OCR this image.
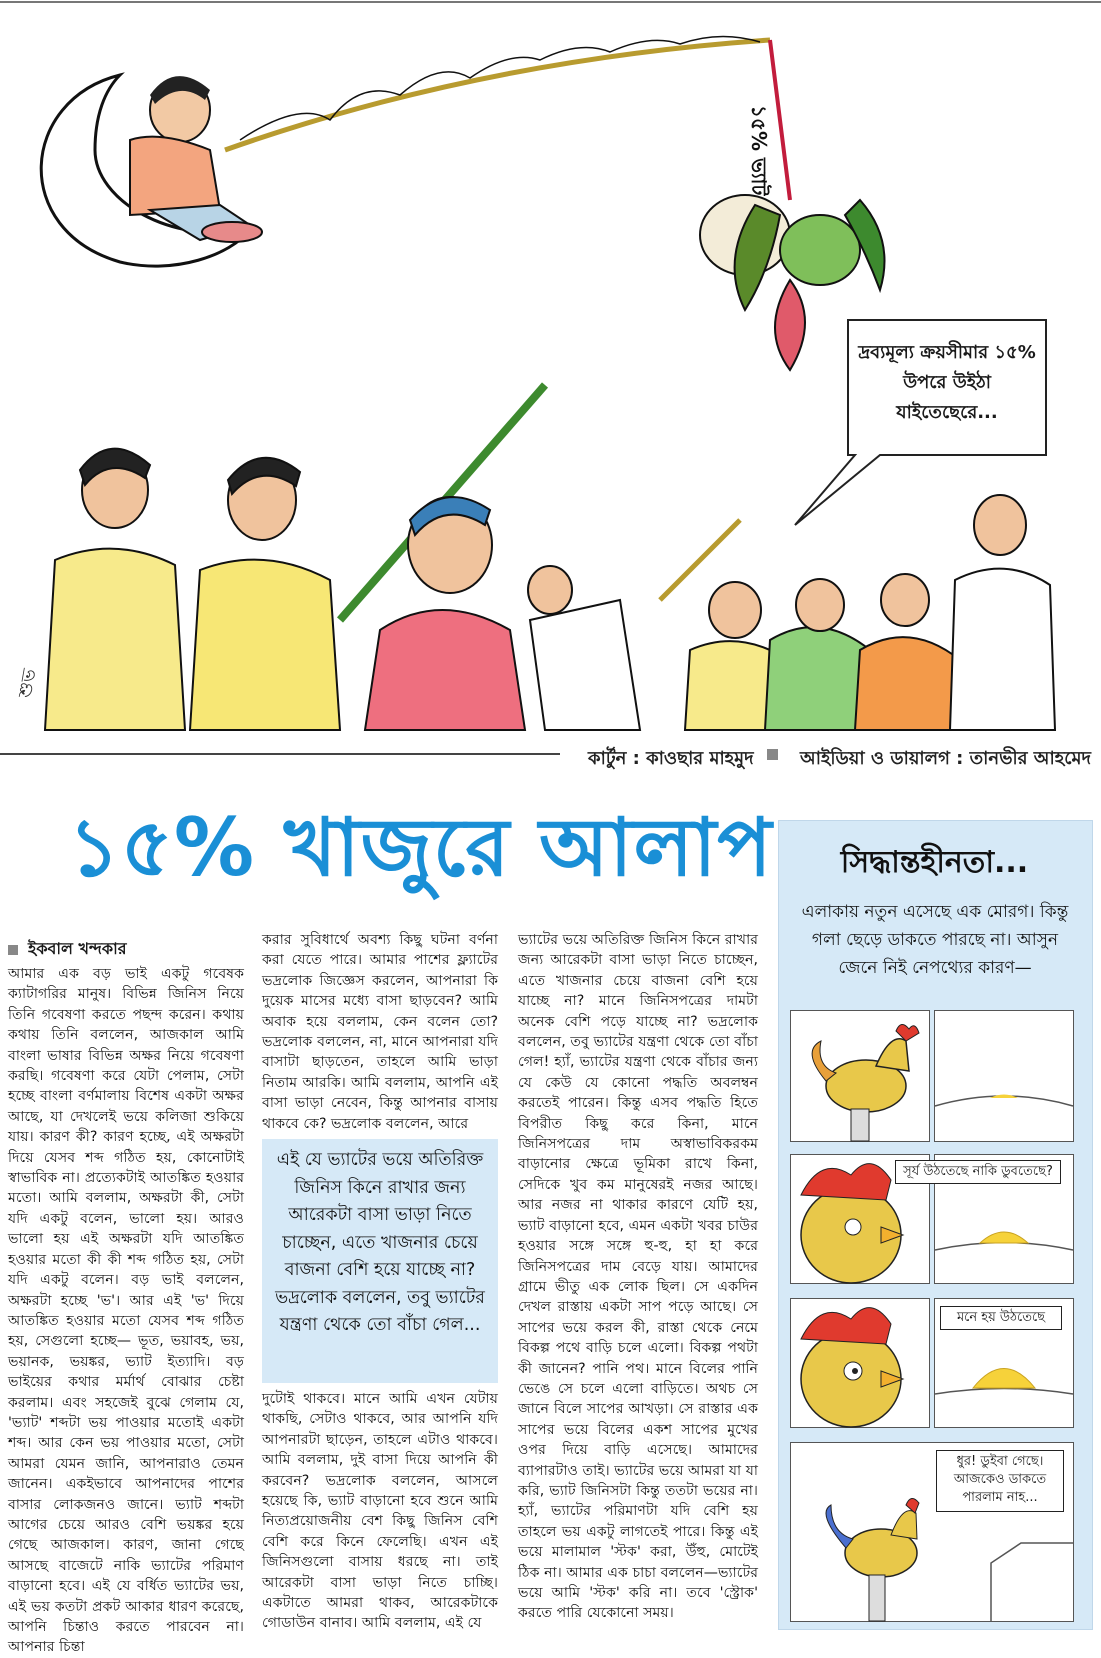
১৫% ভ্যাট
দ্রব্যমূল্য ক্রয়সীমার ১৫% উপরে উইঠা যাইতেছেরে...
শুভ
কার্টুন : কাওছার মাহমুদ	আইডিয়া ও ডায়ালগ : তানভীর আহমেদ
১৫% খাজুরে আলাপ
ইকবাল খন্দকার

আমার এক বড় ভাই একটু গবেষক ক্যাটাগরির মানুষ। বিভিন্ন জিনিস নিয়ে তিনি গবেষণা করতে পছন্দ করেন। কথায় কথায় তিনি বললেন, আজকাল আমি বাংলা ভাষার বিভিন্ন অক্ষর নিয়ে গবেষণা করছি। গবেষণা করে যেটা পেলাম, সেটা হচ্ছে বাংলা বর্ণমালায় বিশেষ একটা অক্ষর আছে, যা দেখলেই ভয়ে কলিজা শুকিয়ে যায়। কারণ কী? কারণ হচ্ছে, এই অক্ষরটা দিয়ে যেসব শব্দ গঠিত হয়, কোনোটাই স্বাভাবিক না। প্রত্যেকটাই আতঙ্কিত হওয়ার মতো। আমি বললাম, অক্ষরটা কী, সেটা যদি একটু বলেন, ভালো হয়। আরও ভালো হয় এই অক্ষরটা যদি আতঙ্কিত হওয়ার মতো কী কী শব্দ গঠিত হয়, সেটা যদি একটু বলেন। বড় ভাই বললেন, অক্ষরটা হচ্ছে 'ভ'। আর এই 'ভ' দিয়ে আতঙ্কিত হওয়ার মতো যেসব শব্দ গঠিত হয়, সেগুলো হচ্ছে— ভূত, ভয়াবহ, ভয়, ভয়ানক, ভয়ঙ্কর, ভ্যাট ইত্যাদি। বড় ভাইয়ের কথার মর্মার্থ বোঝার চেষ্টা করলাম। এবং সহজেই বুঝে গেলাম যে, 'ভ্যাট' শব্দটা ভয় পাওয়ার মতোই একটা শব্দ। আর কেন ভয় পাওয়ার মতো, সেটা আমরা যেমন জানি, আপনারাও তেমন জানেন। একইভাবে আপনাদের পাশের বাসার লোকজনও জানে। ভ্যাট শব্দটা আগের চেয়ে আরও বেশি ভয়ঙ্কর হয়ে গেছে আজকাল। কারণ, জানা গেছে আসছে বাজেটে নাকি ভ্যাটের পরিমাণ বাড়ানো হবে। এই যে বর্ধিত ভ্যাটের ভয়, এই ভয় কতটা প্রকট আকার ধারণ করেছে, আপনি চিন্তাও করতে পারবেন না। আপনার চিন্তা

করার সুবিধার্থে অবশ্য কিছু ঘটনা বর্ণনা করা যেতে পারে। আমার পাশের ফ্ল্যাটের ভদ্রলোক জিজ্ঞেস করলেন, আপনারা কি দুয়েক মাসের মধ্যে বাসা ছাড়বেন? আমি অবাক হয়ে বললাম, কেন বলেন তো? ভদ্রলোক বললেন, না, মানে আপনারা যদি বাসাটা ছাড়তেন, তাহলে আমি ভাড়া নিতাম আরকি। আমি বললাম, আপনি এই বাসা ভাড়া নেবেন, কিন্তু আপনার বাসায় থাকবে কে? ভদ্রলোক বললেন, আরে

এই যে ভ্যাটের ভয়ে অতিরিক্ত জিনিস কিনে রাখার জন্য আরেকটা বাসা ভাড়া নিতে চাচ্ছেন, এতে খাজনার চেয়ে বাজনা বেশি হয়ে যাচ্ছে না? ভদ্রলোক বললেন, তবু ভ্যাটের যন্ত্রণা থেকে তো বাঁচা গেল...

দুটোই থাকবে। মানে আমি এখন যেটায় থাকছি, সেটাও থাকবে, আর আপনি যদি আপনারটা ছাড়েন, তাহলে এটাও থাকবে। আমি বললাম, দুই বাসা দিয়ে আপনি কী করবেন? ভদ্রলোক বললেন, আসলে হয়েছে কি, ভ্যাট বাড়ানো হবে শুনে আমি নিত্যপ্রয়োজনীয় বেশ কিছু জিনিস বেশি বেশি করে কিনে ফেলেছি। এখন এই জিনিসগুলো বাসায় ধরছে না। তাই আরেকটা বাসা ভাড়া নিতে চাচ্ছি। একটাতে আমরা থাকব, আরেকটাকে গোডাউন বানাব। আমি বললাম, এই যে

ভ্যাটের ভয়ে অতিরিক্ত জিনিস কিনে রাখার জন্য আরেকটা বাসা ভাড়া নিতে চাচ্ছেন, এতে খাজনার চেয়ে বাজনা বেশি হয়ে যাচ্ছে না? মানে জিনিসপত্রের দামটা অনেক বেশি পড়ে যাচ্ছে না? ভদ্রলোক বললেন, তবু ভ্যাটের যন্ত্রণা থেকে তো বাঁচা গেল! হ্যাঁ, ভ্যাটের যন্ত্রণা থেকে বাঁচার জন্য যে কেউ যে কোনো পদ্ধতি অবলম্বন করতেই পারেন। কিন্তু এসব পদ্ধতি হিতে বিপরীত কিছু করে কিনা, মানে জিনিসপত্রের দাম অস্বাভাবিকরকম বাড়ানোর ক্ষেত্রে ভূমিকা রাখে কিনা, সেদিকে খুব কম মানুষেরই নজর আছে। আর নজর না থাকার কারণে যেটি হয়, ভ্যাট বাড়ানো হবে, এমন একটা খবর চাউর হওয়ার সঙ্গে সঙ্গে হু-হু, হা হা করে জিনিসপত্রের দাম বেড়ে যায়। আমাদের গ্রামে ভীতু এক লোক ছিল। সে একদিন দেখল রাস্তায় একটা সাপ পড়ে আছে। সে সাপের ভয়ে করল কী, রাস্তা থেকে নেমে বিকল্প পথে বাড়ি চলে এলো। বিকল্প পথটা কী জানেন? পানি পথ। মানে বিলের পানি ভেঙে সে চলে এলো বাড়িতে। অথচ সে জানে বিলে সাপের আখড়া। সে রাস্তার এক সাপের ভয়ে বিলের একশ সাপের মুখের ওপর দিয়ে বাড়ি এসেছে। আমাদের ব্যাপারটাও তাই। ভ্যাটের ভয়ে আমরা যা যা করি, ভ্যাট জিনিসটা কিন্তু ততটা ভয়ের না। হ্যাঁ, ভ্যাটের পরিমাণটা যদি বেশি হয় তাহলে ভয় একটু লাগতেই পারে। কিন্তু এই ভয়ে মালামাল 'স্টক' করা, উঁহু, মোটেই ঠিক না। আমার এক চাচা বললেন—ভ্যাটের ভয়ে আমি 'স্টক' করি না। তবে 'স্ট্রোক' করতে পারি যেকোনো সময়।

সিদ্ধান্তহীনতা...
এলাকায় নতুন এসেছে এক মোরগ। কিন্তু গলা ছেড়ে ডাকতে পারছে না। আসুন জেনে নিই নেপথ্যের কারণ—
সূর্য উঠতেছে নাকি ডুবতেছে?
মনে হয় উঠতেছে
ধুর! ডুইবা গেছে। আজকেও ডাকতে পারলাম নাহ...
